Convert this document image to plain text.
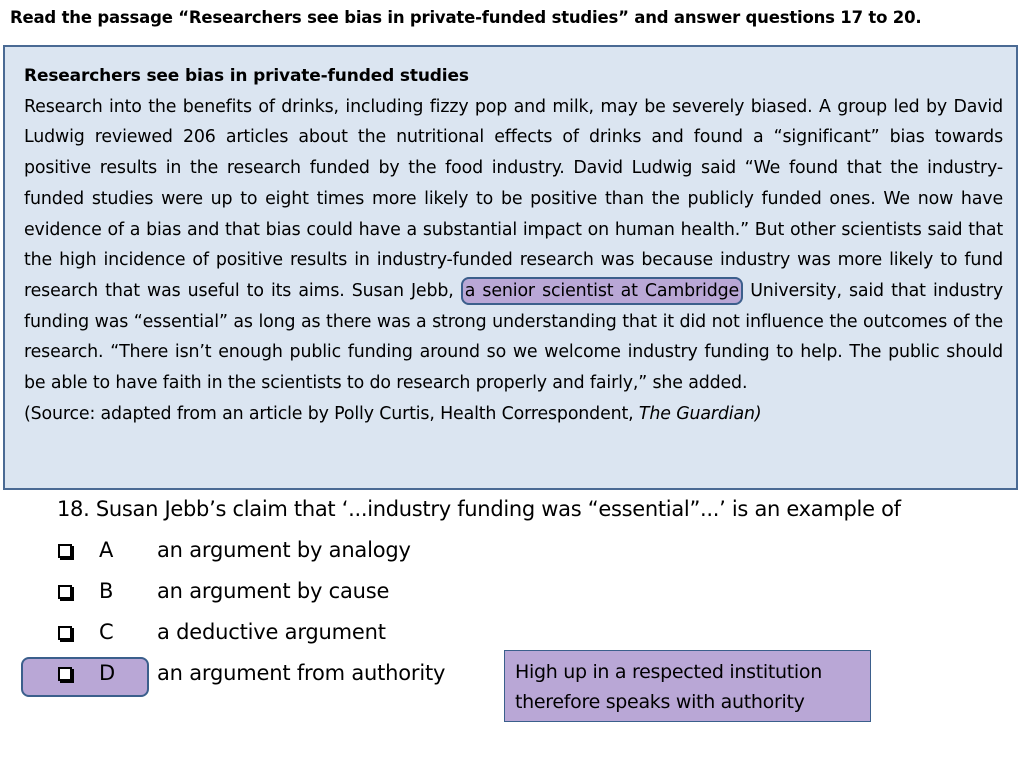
Read the passage “Researchers see bias in private-funded studies” and answer questions 17 to 20.
Researchers see bias in private-funded studies
Research into the benefits of drinks, including fizzy pop and milk, may be severely biased. A group led by David Ludwig reviewed 206 articles about the nutritional effects of drinks and found a “significant” bias towards positive results in the research funded by the food industry. David Ludwig said “We found that the industry-funded studies were up to eight times more likely to be positive than the publicly funded ones. We now have evidence of a bias and that bias could have a substantial impact on human health.” But other scientists said that the high incidence of positive results in industry-funded research was because industry was more likely to fund research that was useful to its aims. Susan Jebb, a senior scientist at Cambridge University, said that industry funding was “essential” as long as there was a strong understanding that it did not influence the outcomes of the research. “There isn’t enough public funding around so we welcome industry funding to help. The public should be able to have faith in the scientists to do research properly and fairly,” she added.
(Source: adapted from an article by Polly Curtis, Health Correspondent, The Guardian)
18. Susan Jebb’s claim that ‘...industry funding was “essential”...’ is an example of
A an argument by analogy
B an argument by cause
C a deductive argument
D an argument from authority	High up in a respected institution
therefore speaks with authority
